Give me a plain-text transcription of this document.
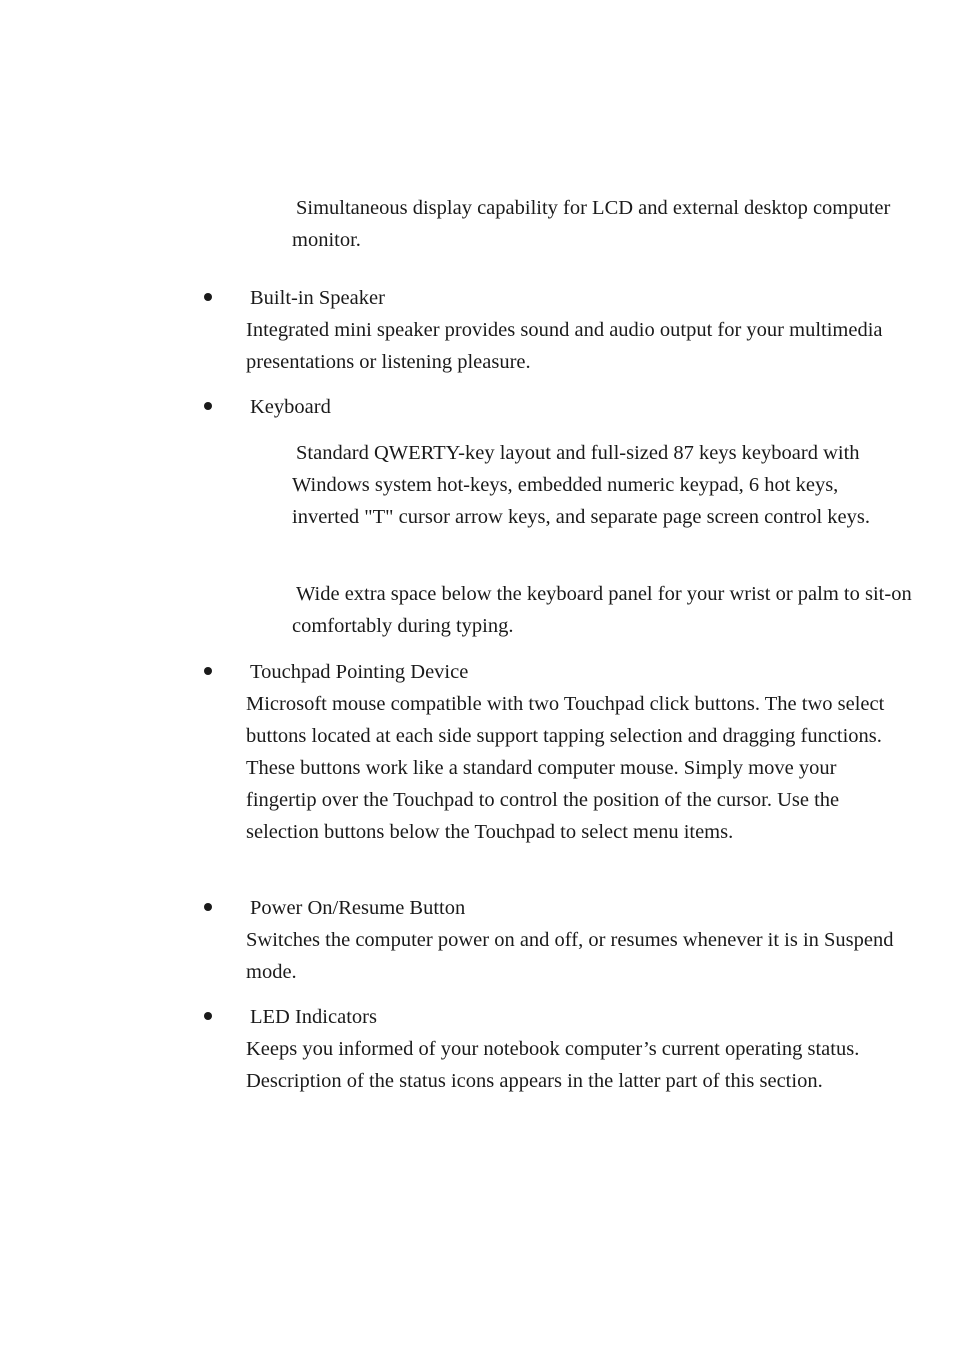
Simultaneous display capability for LCD and external desktop computer monitor.

Built-in Speaker

Integrated mini speaker provides sound and audio output for your multimedia presentations or listening pleasure.

Keyboard

Standard QWERTY-key layout and full-sized 87 keys keyboard with Windows system hot-keys, embedded numeric keypad, 6 hot keys, inverted "T" cursor arrow keys, and separate page screen control keys.

Wide extra space below the keyboard panel for your wrist or palm to sit-on comfortably during typing.

Touchpad Pointing Device

Microsoft mouse compatible with two Touchpad click buttons. The two select buttons located at each side support tapping selection and dragging functions. These buttons work like a standard computer mouse. Simply move your fingertip over the Touchpad to control the position of the cursor. Use the selection buttons below the Touchpad to select menu items.

Power On/Resume Button

Switches the computer power on and off, or resumes whenever it is in Suspend mode.

LED Indicators

Keeps you informed of your notebook computer’s current operating status. Description of the status icons appears in the latter part of this section.
